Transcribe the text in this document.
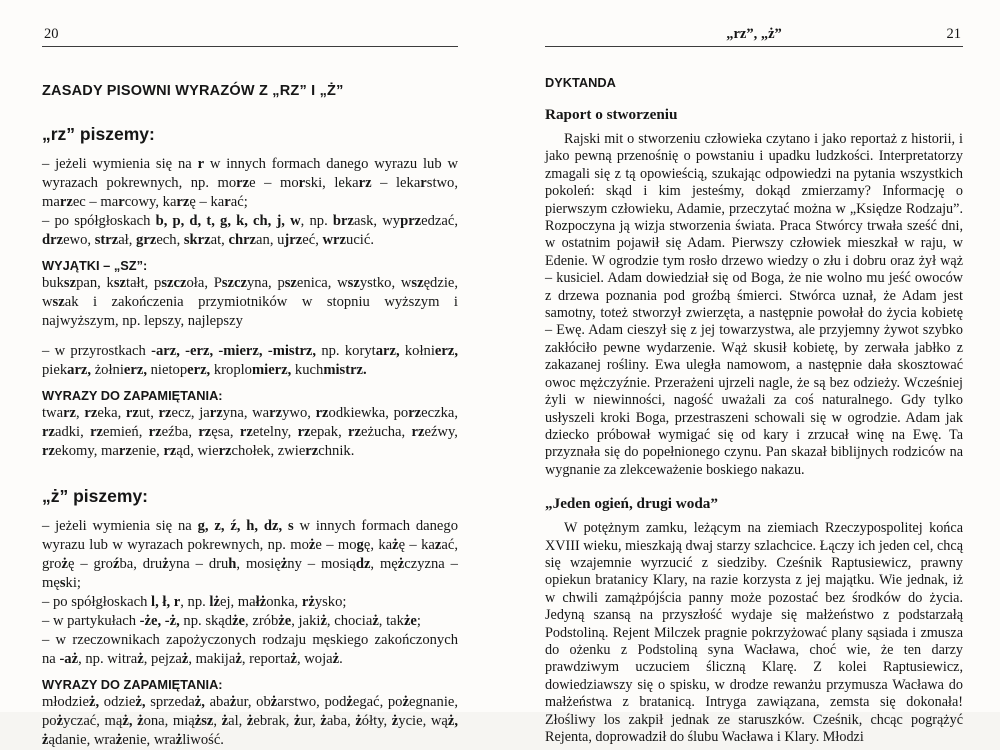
20
ZASADY PISOWNI WYRAZÓW Z „RZ” I „Ż”
„rz” piszemy:

– jeżeli wymienia się na r w innych formach danego wyrazu lub w wyrazach pokrewnych, np. morze – morski, lekarz – lekarstwo, marzec – marcowy, karzę – karać;

– po spółgłoskach b, p, d, t, g, k, ch, j, w, np. brzask, wyprzedzać, drzewo, strzał, grzech, skrzat, chrzan, ujrzeć, wrzucić.

WYJĄTKI – „SZ”:

bukszpan, kształt, pszczoła, Pszczyna, pszenica, wszystko, wszędzie, wszak i zakończenia przymiotników w stopniu wyższym i najwyższym, np. lepszy, najlepszy

– w przyrostkach -arz, -erz, -mierz, -mistrz, np. korytarz, kołnierz, piekarz, żołnierz, nietoperz, kroplomierz, kuchmistrz.

WYRAZY DO ZAPAMIĘTANIA:

twarz, rzeka, rzut, rzecz, jarzyna, warzywo, rzodkiewka, porzeczka, rzadki, rzemień, rzeźba, rzęsa, rzetelny, rzepak, rzeżucha, rzeźwy, rzekomy, marzenie, rząd, wierzchołek, zwierzchnik.

„ż” piszemy:

– jeżeli wymienia się na g, z, ź, h, dz, s w innych formach danego wyrazu lub w wyrazach pokrewnych, np. może – mogę, każę – kazać, grożę – groźba, drużyna – druh, mosiężny – mosiądz, mężczyzna – męski;

– po spółgłoskach l, ł, r, np. lżej, małżonka, rżysko;

– w partykułach -że, -ż, np. skądże, zróbże, jakiż, chociaż, także;

– w rzeczownikach zapożyczonych rodzaju męskiego zakończonych na -aż, np. witraż, pejzaż, makijaż, reportaż, wojaż.

WYRAZY DO ZAPAMIĘTANIA:

młodzież, odzież, sprzedaż, abażur, obżarstwo, podżegać, pożegnanie, pożyczać, mąż, żona, miąższ, żal, żebrak, żur, żaba, żółty, życie, wąż, żądanie, wrażenie, wrażliwość.

„rz”, „ż”	21
DYKTANDA
Raport o stworzeniu

Rajski mit o stworzeniu człowieka czytano i jako reportaż z historii, i jako pewną przenośnię o powstaniu i upadku ludzkości. Interpretatorzy zmagali się z tą opowieścią, szukając odpowiedzi na pytania wszystkich pokoleń: skąd i kim jesteśmy, dokąd zmierzamy? Informację o pierwszym człowieku, Adamie, przeczytać można w „Księdze Rodzaju”. Rozpoczyna ją wizja stworzenia świata. Praca Stwórcy trwała sześć dni, w ostatnim pojawił się Adam. Pierwszy człowiek mieszkał w raju, w Edenie. W ogrodzie tym rosło drzewo wiedzy o złu i dobru oraz żył wąż – kusiciel. Adam dowiedział się od Boga, że nie wolno mu jeść owoców z drzewa poznania pod groźbą śmierci. Stwórca uznał, że Adam jest samotny, toteż stworzył zwierzęta, a następnie powołał do życia kobietę – Ewę. Adam cieszył się z jej towarzystwa, ale przyjemny żywot szybko zakłóciło pewne wydarzenie. Wąż skusił kobietę, by zerwała jabłko z zakazanej rośliny. Ewa uległa namowom, a następnie dała skosztować owoc mężczyźnie. Przerażeni ujrzeli nagle, że są bez odzieży. Wcześniej żyli w niewinności, nagość uważali za coś naturalnego. Gdy tylko usłyszeli kroki Boga, przestraszeni schowali się w ogrodzie. Adam jak dziecko próbował wymigać się od kary i zrzucał winę na Ewę. Ta przyznała się do popełnionego czynu. Pan skazał biblijnych rodziców na wygnanie za zlekceważenie boskiego nakazu.

„Jeden ogień, drugi woda”

W potężnym zamku, leżącym na ziemiach Rzeczypospolitej końca XVIII wieku, mieszkają dwaj starzy szlachcice. Łączy ich jeden cel, chcą się wzajemnie wyrzucić z siedziby. Cześnik Raptusiewicz, prawny opiekun bratanicy Klary, na razie korzysta z jej majątku. Wie jednak, iż w chwili zamążpójścia panny może pozostać bez środków do życia. Jedyną szansą na przyszłość wydaje się małżeństwo z podstarzałą Podstoliną. Rejent Milczek pragnie pokrzyżować plany sąsiada i zmusza do ożenku z Podstoliną syna Wacława, choć wie, że ten darzy prawdziwym uczuciem śliczną Klarę. Z kolei Raptusiewicz, dowiedziawszy się o spisku, w drodze rewanżu przymusza Wacława do małżeństwa z bratanicą. Intryga zawiązana, zemsta się dokonała! Złośliwy los zakpił jednak ze staruszków. Cześnik, chcąc pogrążyć Rejenta, doprowadził do ślubu Wacława i Klary. Młodzi
